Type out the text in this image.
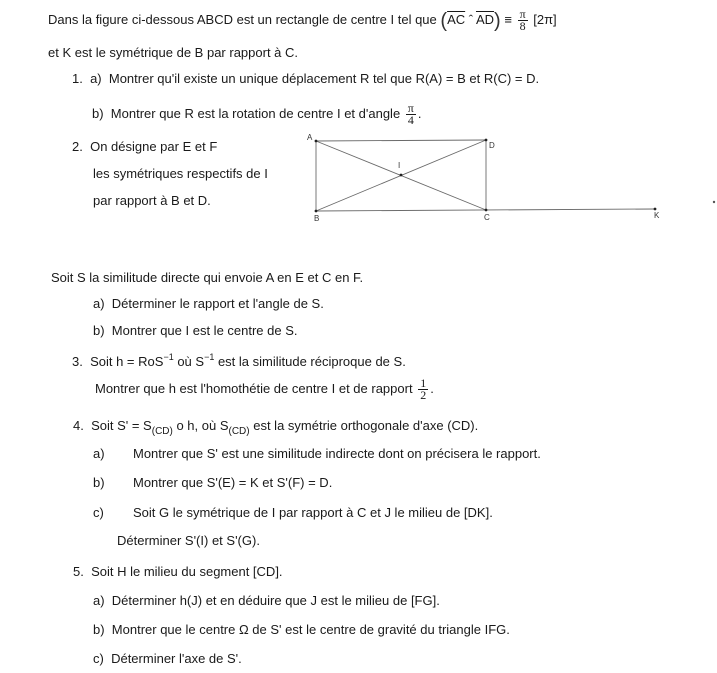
Dans la figure ci-dessous ABCD est un rectangle de centre I tel que ($\overline{AC}$ ˆ $\overline{AD}) \equiv \frac{\pi}{8} [2\pi]$
et K est le symétrique de B par rapport à C.
1. a) Montrer qu'il existe un unique déplacement R tel que R(A) = B et R(C) = D.
b) Montrer que R est la rotation de centre I et d'angle $\frac{\pi}{4}$ .
2. On désigne par E et F
les symétriques respectifs de I
par rapport à B et D.
A
B	C
D
I
K
Soit S la similitude directe qui envoie A en E et C en F.
a) Déterminer le rapport et l'angle de S.
b) Montrer que I est le centre de S.
3. Soit h = RoS$^{-1}$ où $S^{-1}$ est la similitude réciproque de S.
Montrer que h est l'homothétie de centre I et de rapport $\frac{1}{2}$ .
4. Soit $S' = S_{(CD)}$ o h, où $S_{(CD)}$ est la symétrie orthogonale d'axe (CD).
a) Montrer que S' est une similitude indirecte dont on précisera le rapport.
b) Montrer que S'(E) = K et S'(F) = D.
c) Soit G le symétrique de I par rapport à C et J le milieu de [DK].
Déterminer S'(I) et S'(G).
5. Soit H le milieu du segment [CD].
a) Déterminer h(J) et en déduire que J est le milieu de [FG].
b) Montrer que le centre Ω de S' est le centre de gravité du triangle IFG.
c) Déterminer l'axe de S'.
